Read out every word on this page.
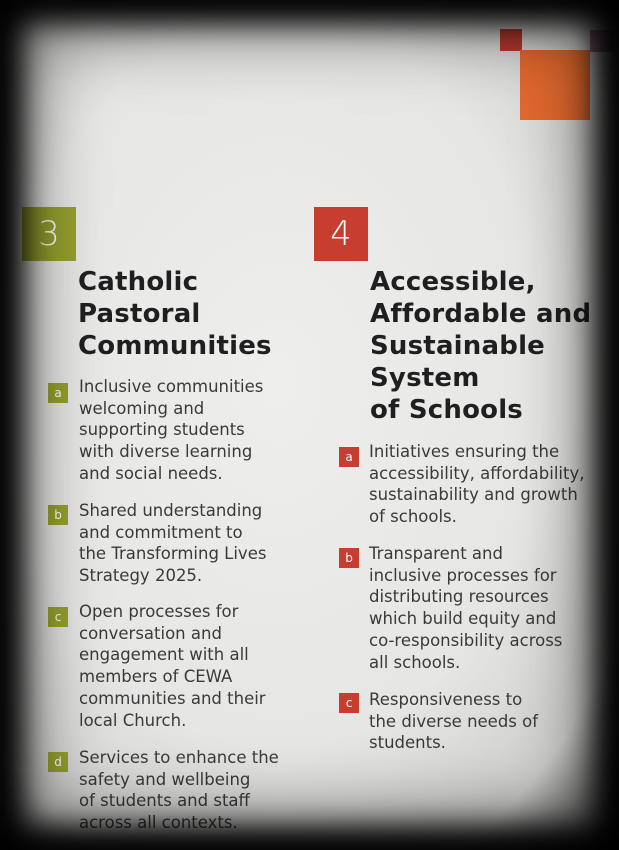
3
Catholic
Pastoral
Communities
a	Inclusive communities
welcoming and
supporting students
with diverse learning
and social needs.
b	Shared understanding
and commitment to
the Transforming Lives
Strategy 2025.
c	Open processes for
conversation and
engagement with all
members of CEWA
communities and their
local Church.
d	Services to enhance the
safety and wellbeing
of students and staff
across all contexts.
4
Accessible,
Affordable and
Sustainable
System
of Schools
a Initiatives ensuring the
accessibility, affordability,
sustainability and growth
of schools.
b Transparent and
inclusive processes for
distributing resources
which build equity and
co-responsibility across
all schools.
c	Responsiveness to
the diverse needs of
students.
